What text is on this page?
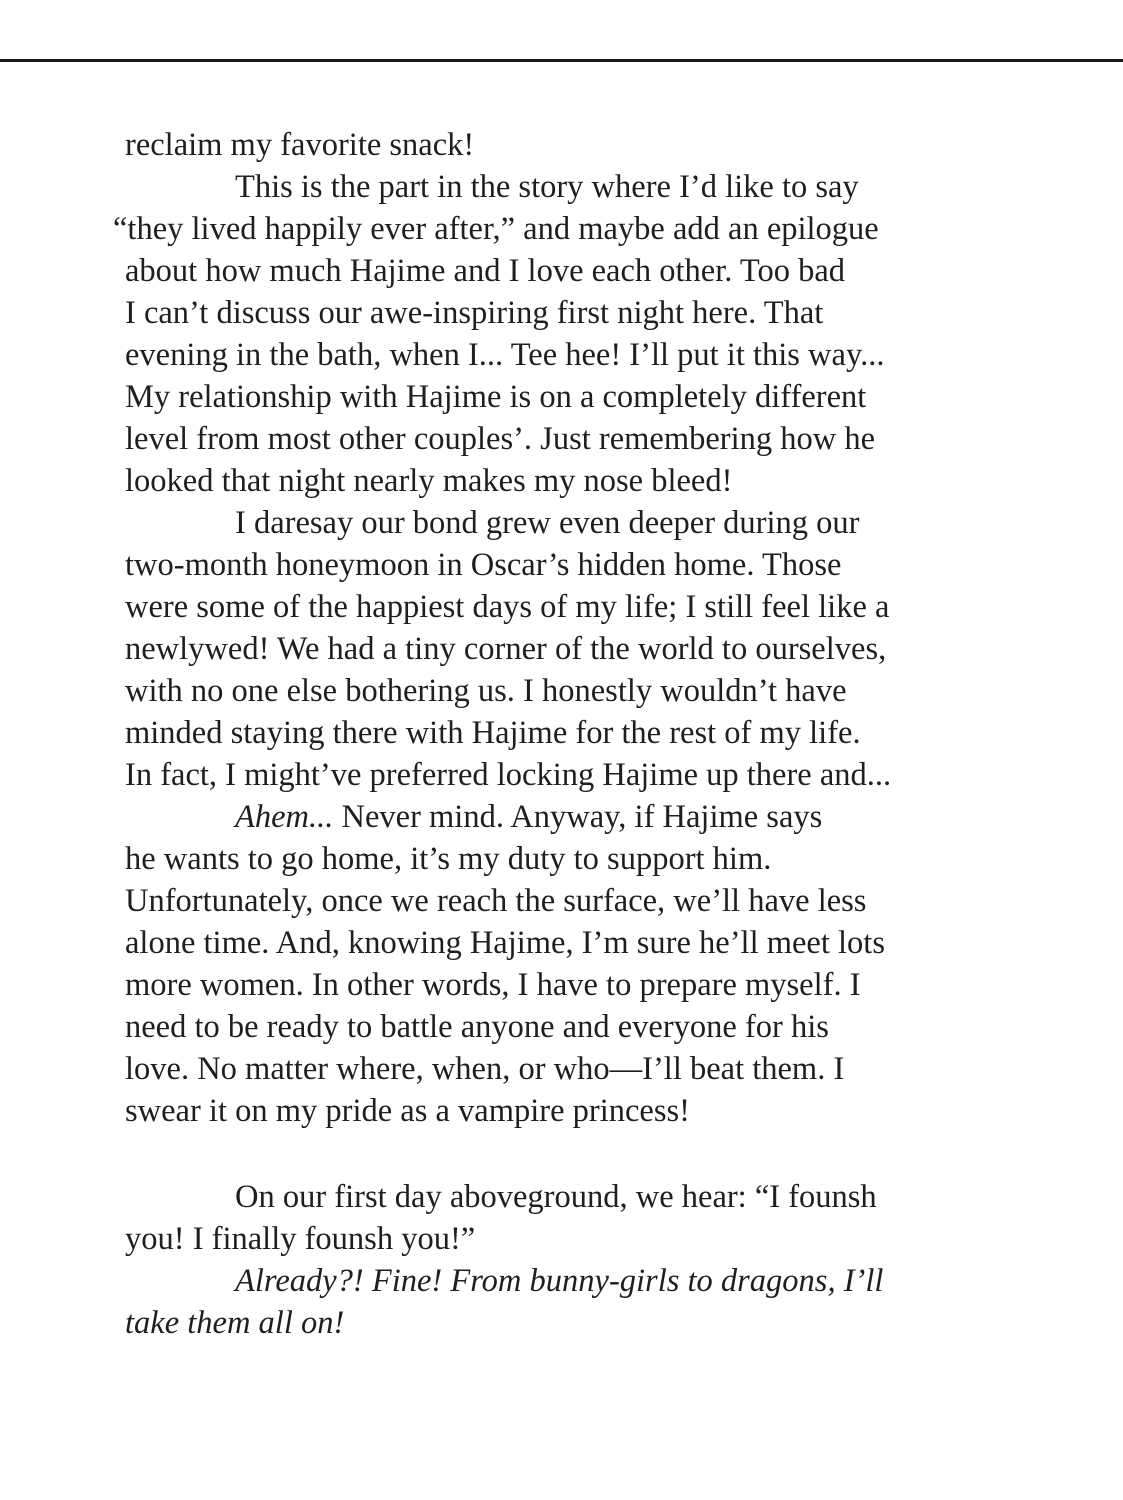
reclaim my favorite snack!
This is the part in the story where I’d like to say
“they lived happily ever after,” and maybe add an epilogue
about how much Hajime and I love each other. Too bad
I can’t discuss our awe-inspiring first night here. That
evening in the bath, when I... Tee hee! I’ll put it this way...
My relationship with Hajime is on a completely different
level from most other couples’. Just remembering how he
looked that night nearly makes my nose bleed!
I daresay our bond grew even deeper during our
two-month honeymoon in Oscar’s hidden home. Those
were some of the happiest days of my life; I still feel like a
newlywed! We had a tiny corner of the world to ourselves,
with no one else bothering us. I honestly wouldn’t have
minded staying there with Hajime for the rest of my life.
In fact, I might’ve preferred locking Hajime up there and...
Ahem... Never mind. Anyway, if Hajime says
he wants to go home, it’s my duty to support him.
Unfortunately, once we reach the surface, we’ll have less
alone time. And, knowing Hajime, I’m sure he’ll meet lots
more women. In other words, I have to prepare myself. I
need to be ready to battle anyone and everyone for his
love. No matter where, when, or who—I’ll beat them. I
swear it on my pride as a vampire princess!
On our first day aboveground, we hear: “I founsh
you! I finally founsh you!”
Already?! Fine! From bunny-girls to dragons, I’ll
take them all on!
